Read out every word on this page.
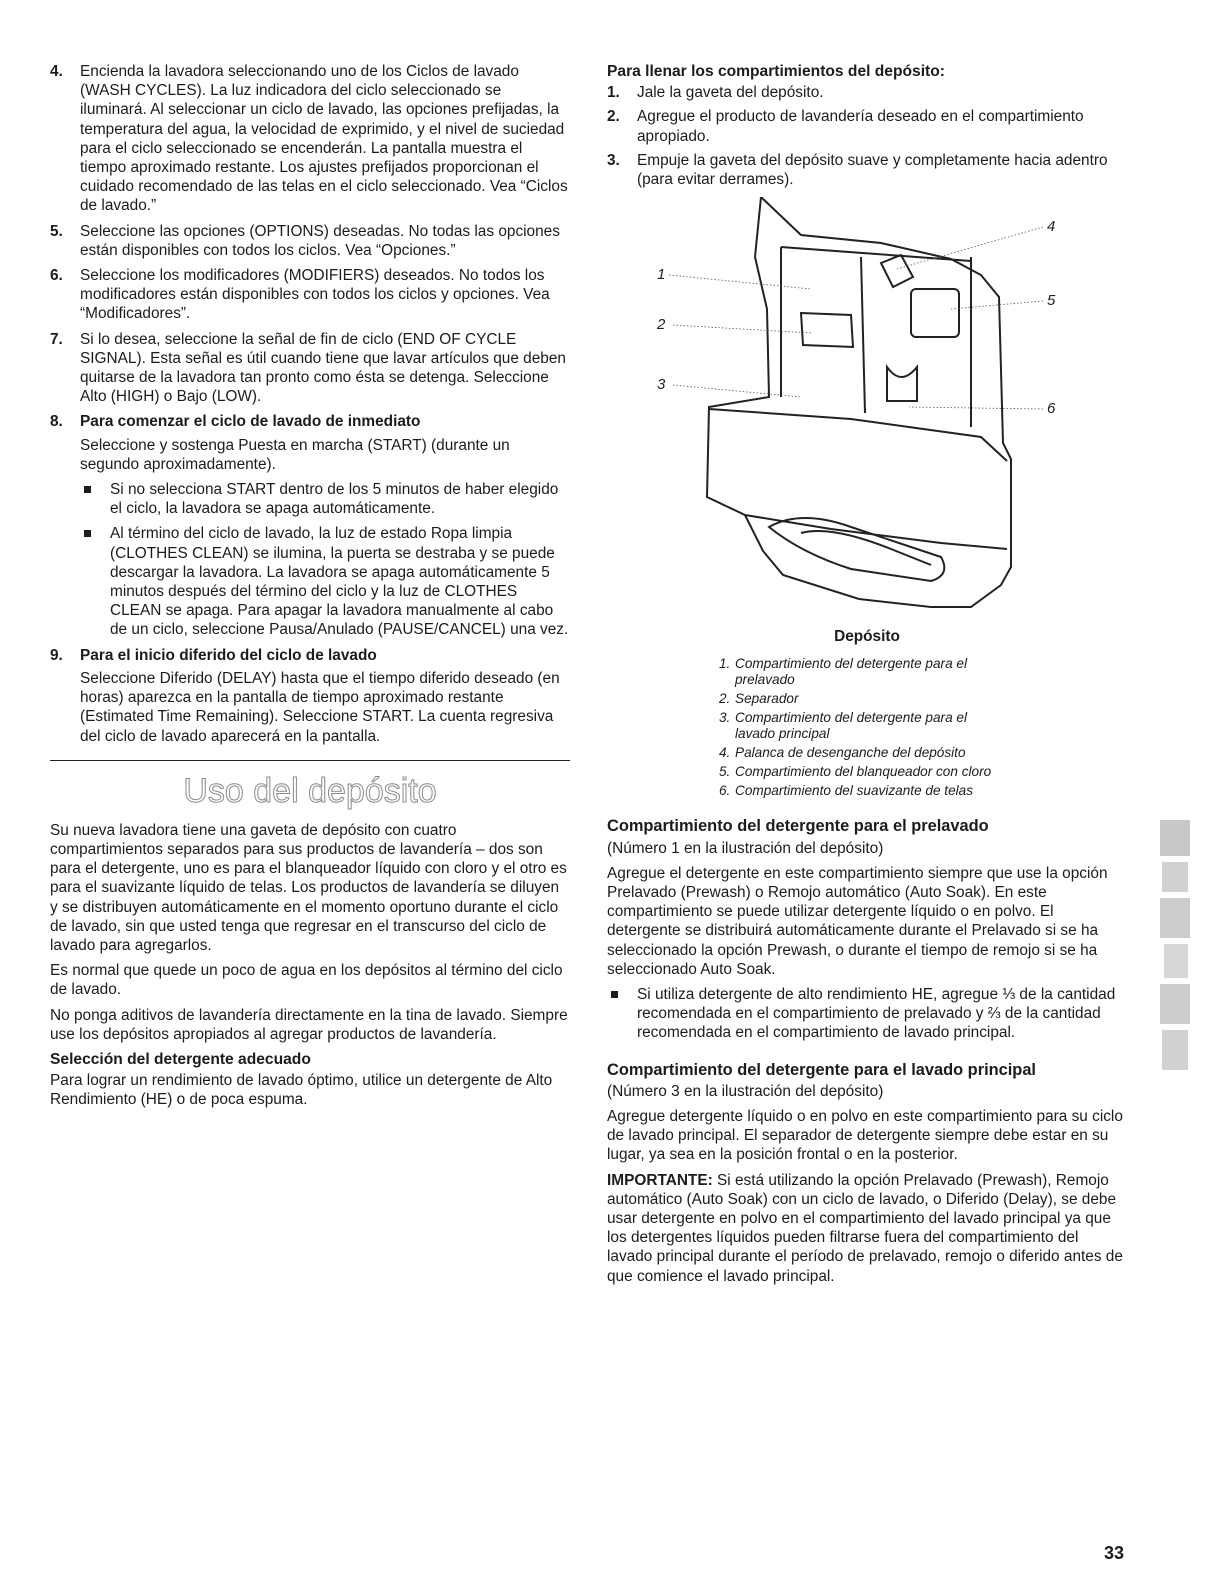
4. Encienda la lavadora seleccionando uno de los Ciclos de lavado (WASH CYCLES). La luz indicadora del ciclo seleccionado se iluminará. Al seleccionar un ciclo de lavado, las opciones prefijadas, la temperatura del agua, la velocidad de exprimido, y el nivel de suciedad para el ciclo seleccionado se encenderán. La pantalla muestra el tiempo aproximado restante. Los ajustes prefijados proporcionan el cuidado recomendado de las telas en el ciclo seleccionado. Vea “Ciclos de lavado.”
5. Seleccione las opciones (OPTIONS) deseadas. No todas las opciones están disponibles con todos los ciclos. Vea “Opciones.”
6. Seleccione los modificadores (MODIFIERS) deseados. No todos los modificadores están disponibles con todos los ciclos y opciones. Vea “Modificadores”.
7. Si lo desea, seleccione la señal de fin de ciclo (END OF CYCLE SIGNAL). Esta señal es útil cuando tiene que lavar artículos que deben quitarse de la lavadora tan pronto como ésta se detenga. Seleccione Alto (HIGH) o Bajo (LOW).
8. Para comenzar el ciclo de lavado de inmediato
Seleccione y sostenga Puesta en marcha (START) (durante un segundo aproximadamente).
Si no selecciona START dentro de los 5 minutos de haber elegido el ciclo, la lavadora se apaga automáticamente.
Al término del ciclo de lavado, la luz de estado Ropa limpia (CLOTHES CLEAN) se ilumina, la puerta se destraba y se puede descargar la lavadora. La lavadora se apaga automáticamente 5 minutos después del término del ciclo y la luz de CLOTHES CLEAN se apaga. Para apagar la lavadora manualmente al cabo de un ciclo, seleccione Pausa/Anulado (PAUSE/CANCEL) una vez.
9. Para el inicio diferido del ciclo de lavado
Seleccione Diferido (DELAY) hasta que el tiempo diferido deseado (en horas) aparezca en la pantalla de tiempo aproximado restante (Estimated Time Remaining). Seleccione START. La cuenta regresiva del ciclo de lavado aparecerá en la pantalla.
Uso del depósito

Su nueva lavadora tiene una gaveta de depósito con cuatro compartimientos separados para sus productos de lavandería – dos son para el detergente, uno es para el blanqueador líquido con cloro y el otro es para el suavizante líquido de telas. Los productos de lavandería se diluyen y se distribuyen automáticamente en el momento oportuno durante el ciclo de lavado, sin que usted tenga que regresar en el transcurso del ciclo de lavado para agregarlos.

Es normal que quede un poco de agua en los depósitos al término del ciclo de lavado.

No ponga aditivos de lavandería directamente en la tina de lavado. Siempre use los depósitos apropiados al agregar productos de lavandería.

Selección del detergente adecuado

Para lograr un rendimiento de lavado óptimo, utilice un detergente de Alto Rendimiento (HE) o de poca espuma.

Para llenar los compartimientos del depósito:
1. Jale la gaveta del depósito.
2. Agregue el producto de lavandería deseado en el compartimiento apropiado.
3. Empuje la gaveta del depósito suave y completamente hacia adentro (para evitar derrames).
1
2
3
4
5
6
Depósito
1. Compartimiento del detergente para el prelavado
2. Separador
3. Compartimiento del detergente para el lavado principal
4. Palanca de desenganche del depósito
5. Compartimiento del blanqueador con cloro
6. Compartimiento del suavizante de telas
Compartimiento del detergente para el prelavado

(Número 1 en la ilustración del depósito)

Agregue el detergente en este compartimiento siempre que use la opción Prelavado (Prewash) o Remojo automático (Auto Soak). En este compartimiento se puede utilizar detergente líquido o en polvo. El detergente se distribuirá automáticamente durante el Prelavado si se ha seleccionado la opción Prewash, o durante el tiempo de remojo si se ha seleccionado Auto Soak.

Si utiliza detergente de alto rendimiento HE, agregue ⅓ de la cantidad recomendada en el compartimiento de prelavado y ⅔ de la cantidad recomendada en el compartimiento de lavado principal.
Compartimiento del detergente para el lavado principal

(Número 3 en la ilustración del depósito)

Agregue detergente líquido o en polvo en este compartimiento para su ciclo de lavado principal. El separador de detergente siempre debe estar en su lugar, ya sea en la posición frontal o en la posterior.

IMPORTANTE: Si está utilizando la opción Prelavado (Prewash), Remojo automático (Auto Soak) con un ciclo de lavado, o Diferido (Delay), se debe usar detergente en polvo en el compartimiento del lavado principal ya que los detergentes líquidos pueden filtrarse fuera del compartimiento del lavado principal durante el período de prelavado, remojo o diferido antes de que comience el lavado principal.

33
